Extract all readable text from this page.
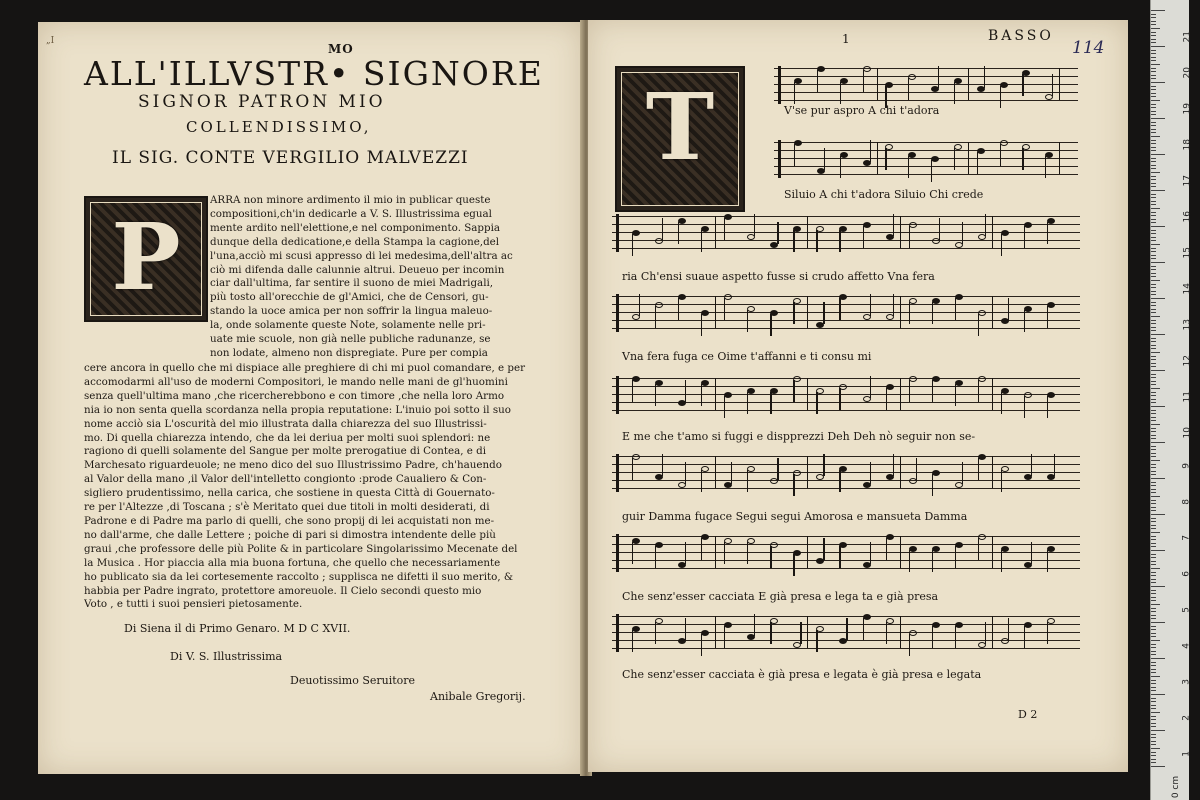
21
20
19
18
17
16
15
14
13
12
11
10
9
8
7
6
5
4
3
2
1
0 cm
„I
MO
ALL'ILLVSTR• SIGNORE
SIGNOR PATRON MIO
COLLENDISSIMO,
IL SIG. CONTE VERGILIO MALVEZZI
P
ARRA non minore ardimento il mio in publicar queste
compositioni,ch'in dedicarle a V. S. Illustrissima egual
mente ardito nell'elettione,e nel componimento. Sappia
dunque della dedicatione,e della Stampa la cagione,del
l'una,acciò mi scusi appresso di lei medesima,dell'altra ac
ciò mi difenda dalle calunnie altrui. Deueuo per incomin
ciar dall'ultima, far sentire il suono de miei Madrigali,
più tosto all'orecchie de gl'Amici, che de Censori, gu-
stando la uoce amica per non soffrir la lingua maleuo-
la, onde solamente queste Note, solamente nelle pri-
uate mie scuole, non già nelle publiche radunanze, se
non lodate, almeno non dispregiate. Pure per compia
cere ancora in quello che mi dispiace alle preghiere di chi mi puol comandare, e per
accomodarmi all'uso de moderni Compositori, le mando nelle mani de gl'huomini
senza quell'ultima mano ,che ricercherebbono e con timore ,che nella loro Armo
nia io non senta quella scordanza nella propia reputatione: L'inuio poi sotto il suo
nome acciò sia L'oscurità del mio illustrata dalla chiarezza del suo Illustrissi-
mo. Di quella chiarezza intendo, che da lei deriua per molti suoi splendori: ne
ragiono di quelli solamente del Sangue per molte prerogatiue di Contea, e di
Marchesato riguardeuole; ne meno dico del suo Illustrissimo Padre, ch'hauendo
al Valor della mano ,il Valor dell'intelletto congionto :prode Caualiero & Con-
sigliero prudentissimo, nella carica, che sostiene in questa Città di Gouernato-
re per l'Altezze ,di Toscana ; s'è Meritato quei due titoli in molti desiderati, di
Padrone e di Padre ma parlo di quelli, che sono propij di lei acquistati non me-
no dall'arme, che dalle Lettere ; poiche di pari si dimostra intendente delle più
graui ,che professore delle più Polite & in particolare Singolarissimo Mecenate del
la Musica . Hor piaccia alla mia buona fortuna, che quello che necessariamente
ho publicato sia da lei cortesemente raccolto ; supplisca ne difetti il suo merito, &
habbia per Padre ingrato, protettore amoreuole. Il Cielo secondi questo mio
Voto , e tutti i suoi pensieri pietosamente.
Di Siena il di Primo Genaro. M D C XVII.
Di V. S. Illustrissima
Deuotissimo Seruitore
Anibale Gregorij.
1	BASSO
114
T	V'se pur aspro A chi t'adora
Siluio A chi t'adora Siluio Chi crede
ria Ch'ensi suaue aspetto fusse si crudo affetto Vna fera
Vna fera fuga ce Oime t'affanni e ti consu mi
E me che t'amo si fuggi e dispprezzi Deh Deh nò seguir non se-
guir Damma fugace Segui segui Amorosa e mansueta Damma
Che senz'esser cacciata E già presa e lega ta e già presa
Che senz'esser cacciata è già presa e legata è già presa e legata
D 2
